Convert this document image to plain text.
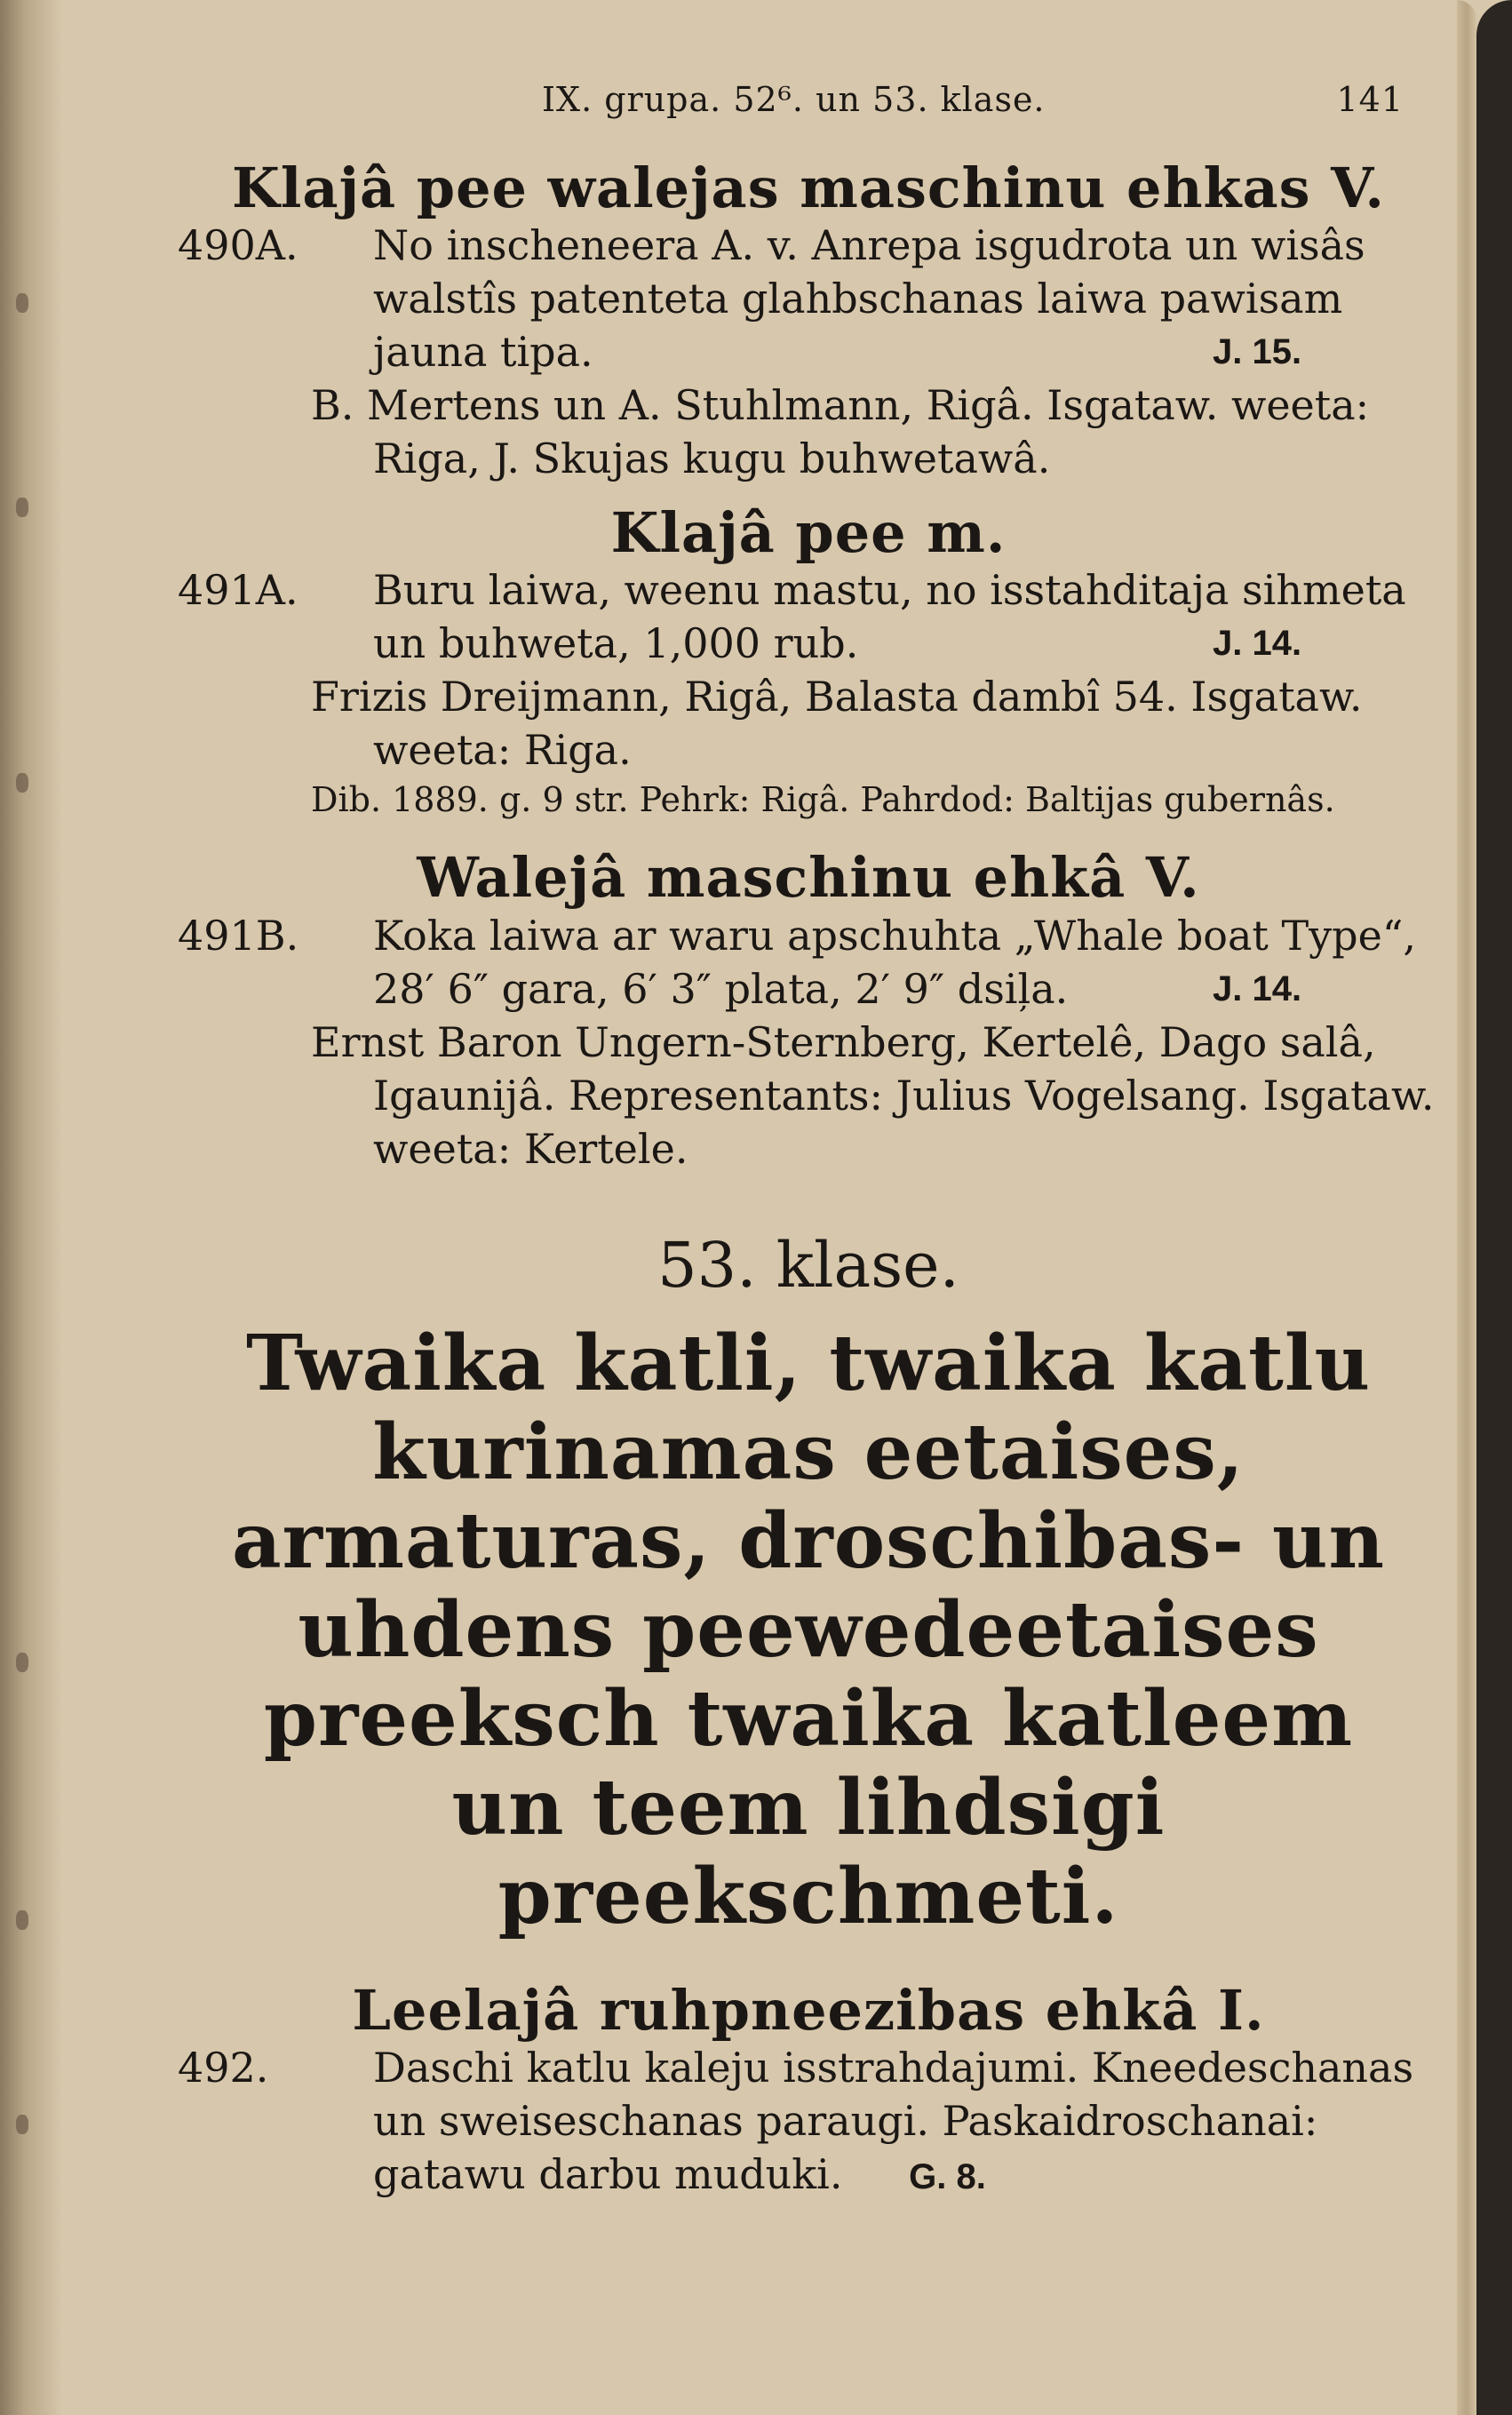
IX. grupa. 52⁶. un 53. klase.	141
Klajâ pee walejas maschinu ehkas V.

490A. No inscheneera A. v. Anrepa isgudrota un wisâs walstîs patenteta glahbschanas laiwa pawisam jauna tipa.	J. 15.

B. Mertens un A. Stuhlmann, Rigâ. Isgataw. weeta: Riga, J. Skujas kugu buhwetawâ.

Klajâ pee m.

491A. Buru laiwa, weenu mastu, no isstahditaja sihmeta un buhweta, 1,000 rub.	J. 14.

Frizis Dreijmann, Rigâ, Balasta dambî 54. Isgataw. weeta: Riga.

Dib. 1889. g. 9 str. Pehrk: Rigâ. Pahrdod: Baltijas gubernâs.

Walejâ maschinu ehkâ V.

491B. Koka laiwa ar waru apschuhta „Whale boat Type“, 28′ 6″ gara, 6′ 3″ plata, 2′ 9″ dsiļa.	J. 14.

Ernst Baron Ungern-Sternberg, Kertelê, Dago salâ, Igaunijâ. Representants: Julius Vogelsang. Isgataw. weeta: Kertele.

53. klase.

Twaika katli, twaika katlu kurinamas eetaises, armaturas, droschibas- un uhdens peewedeetaises preeksch twaika katleem un teem lihdsigi preekschmeti.

Leelajâ ruhpneezibas ehkâ I.

492.	Daschi katlu kaleju isstrahdajumi. Kneedeschanas un sweiseschanas paraugi. Paskaidroschanai: gatawu darbu muduki. G. 8.
